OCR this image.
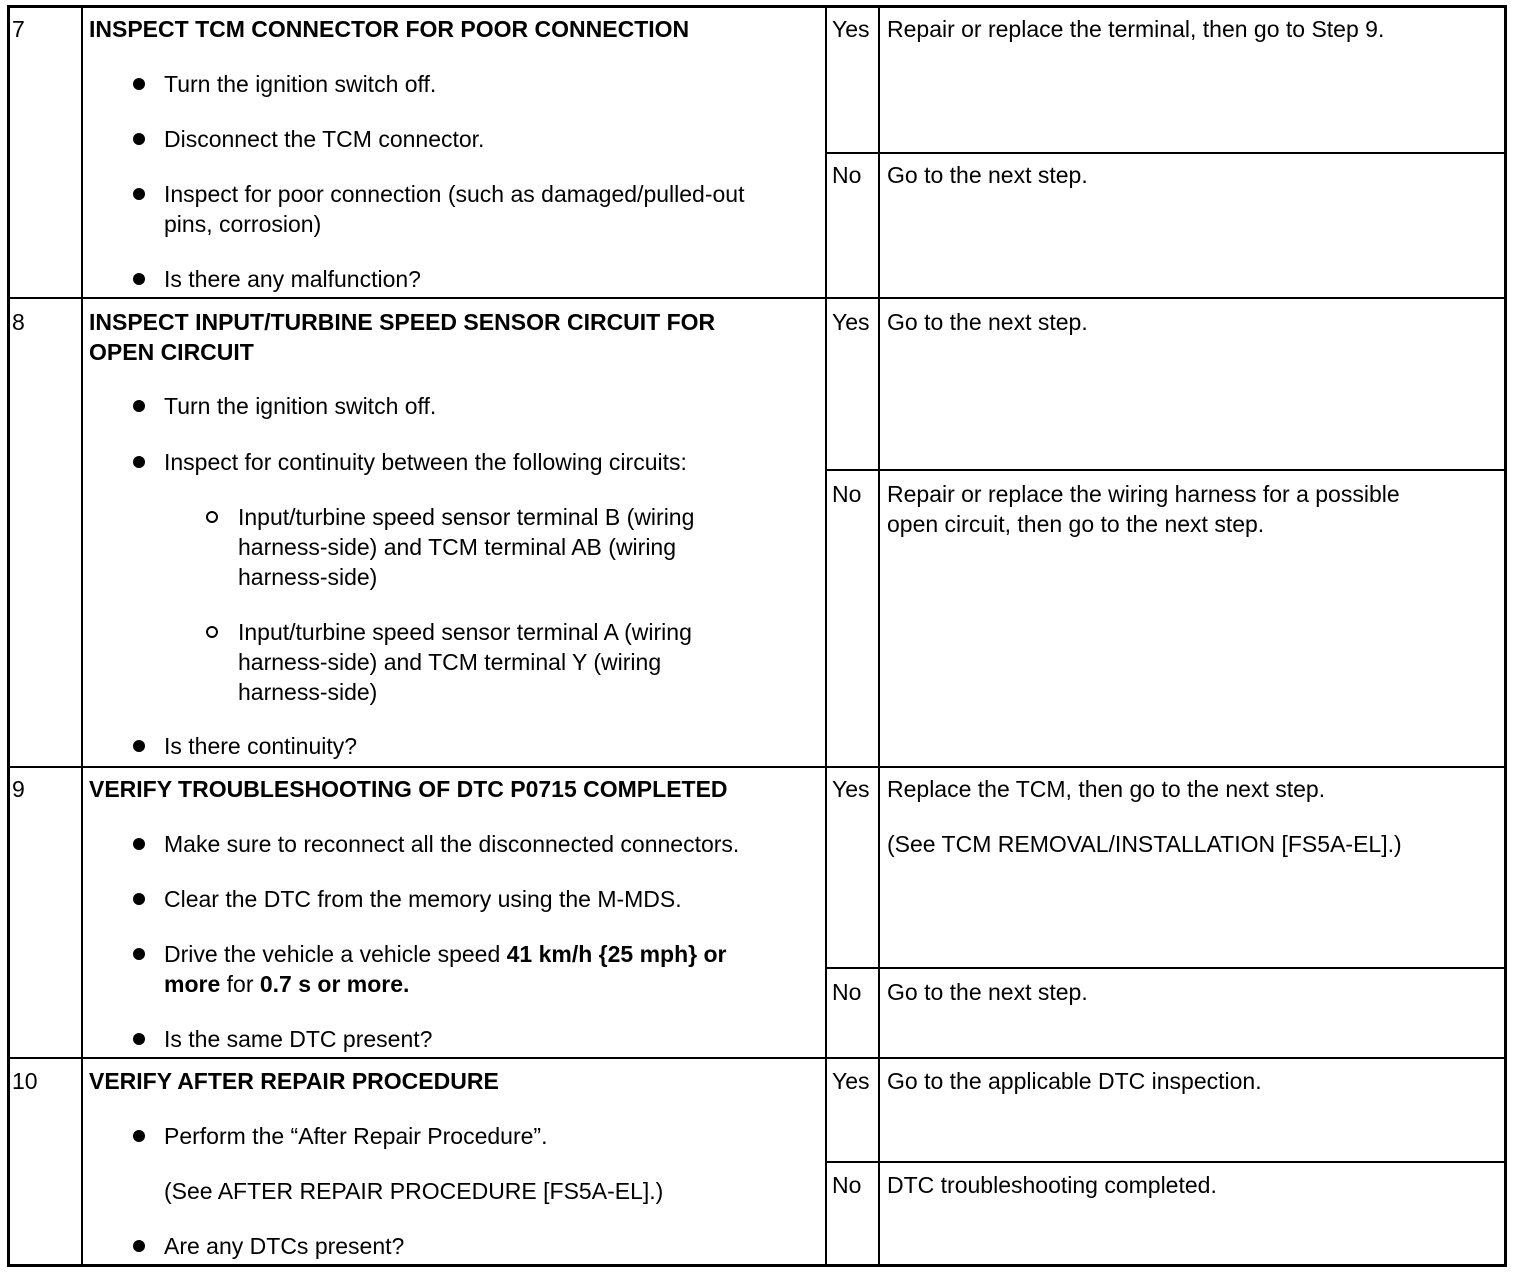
7	INSPECT TCM CONNECTOR FOR POOR CONNECTION
Turn the ignition switch off.
Disconnect the TCM connector.
Inspect for poor connection (such as damaged/pulled-out
pins, corrosion)
Is there any malfunction?
Yes Repair or replace the terminal, then go to Step 9.
No Go to the next step.
8	INSPECT INPUT/TURBINE SPEED SENSOR CIRCUIT FOR
OPEN CIRCUIT
Turn the ignition switch off.
Inspect for continuity between the following circuits:
Input/turbine speed sensor terminal B (wiring
harness-side) and TCM terminal AB (wiring
harness-side)
Input/turbine speed sensor terminal A (wiring
harness-side) and TCM terminal Y (wiring
harness-side)
Is there continuity?
Yes Go to the next step.
No Repair or replace the wiring harness for a possible
open circuit, then go to the next step.
9	VERIFY TROUBLESHOOTING OF DTC P0715 COMPLETED
Make sure to reconnect all the disconnected connectors.
Clear the DTC from the memory using the M-MDS.
Drive the vehicle a vehicle speed 41 km/h {25 mph} or
more for 0.7 s or more.
Is the same DTC present?
Yes Replace the TCM, then go to the next step.
(See TCM REMOVAL/INSTALLATION [FS5A-EL].)
No Go to the next step.
10 VERIFY AFTER REPAIR PROCEDURE
Perform the “After Repair Procedure”.
(See AFTER REPAIR PROCEDURE [FS5A-EL].)
Are any DTCs present?
Yes Go to the applicable DTC inspection.
No DTC troubleshooting completed.
